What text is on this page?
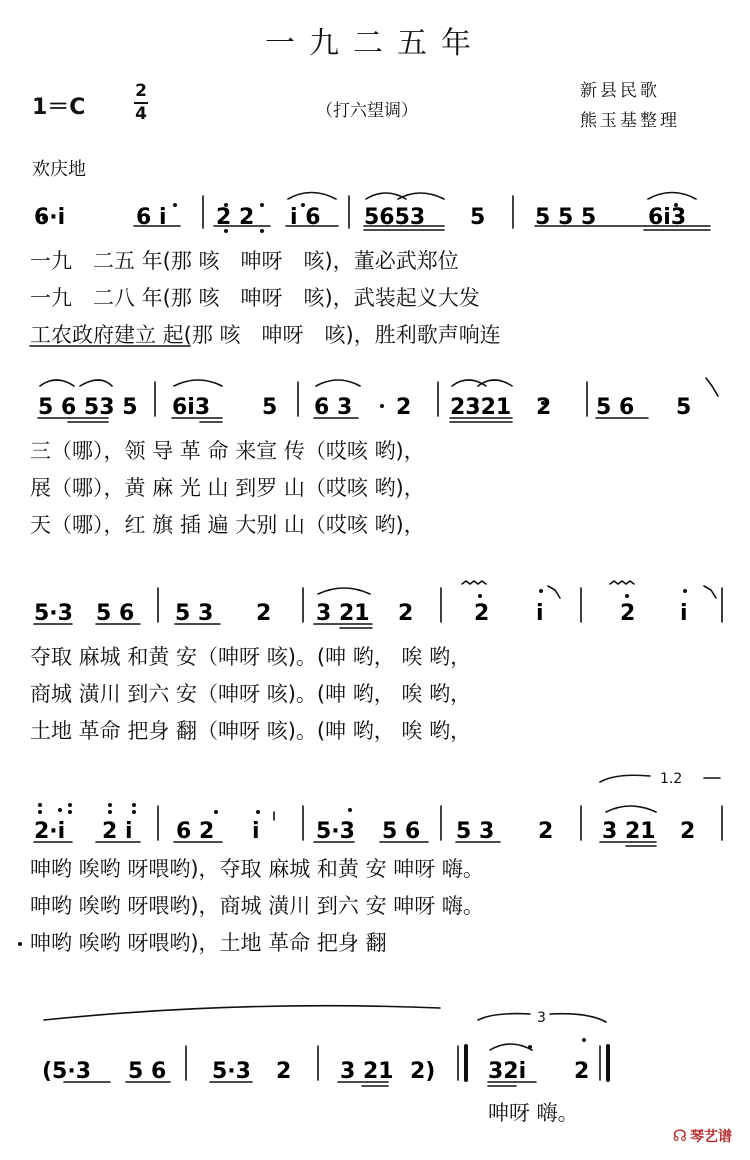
一九二五年
1＝C
2
4	（打六望调）
新县民歌
熊玉基整理
欢庆地
6·i	6 i 2 2 i 6 5653 5 5 5 5 6i3
5 6 53 5 6i3 5 6 3 2 2321 2 5 6 5
5·3 5 6 5 3 2 3 21 2	2 i	2 i
2·i 2 i 6 2 i	5·3 5 6 5 3 2 3 21 2
(5·3 5 6 5·3 2 3 21 2) 32i 2
1.2
3
一九　二五 年(那 咳　呻呀　咳)，董必武郑位
一九　二八 年(那 咳　呻呀　咳)，武装起义大发
工农政府建立 起(那 咳　呻呀　咳)，胜利歌声响连
三（哪），领 导 革 命 来宣 传（哎咳 哟)，
展（哪），黄 麻 光 山 到罗 山（哎咳 哟)，
天（哪），红 旗 插 遍 大别 山（哎咳 哟)，
夺取 麻城 和黄 安（呻呀 咳)。(呻 哟， 唉 哟，
商城 潢川 到六 安（呻呀 咳)。(呻 哟， 唉 哟，
土地 革命 把身 翻（呻呀 咳)。(呻 哟， 唉 哟，
呻哟 唉哟 呀喂哟)，夺取 麻城 和黄 安 呻呀 嗨。
呻哟 唉哟 呀喂哟)，商城 潢川 到六 安 呻呀 嗨。
呻哟 唉哟 呀喂哟)，土地 革命 把身 翻
呻呀 嗨。
☊ 琴艺谱
